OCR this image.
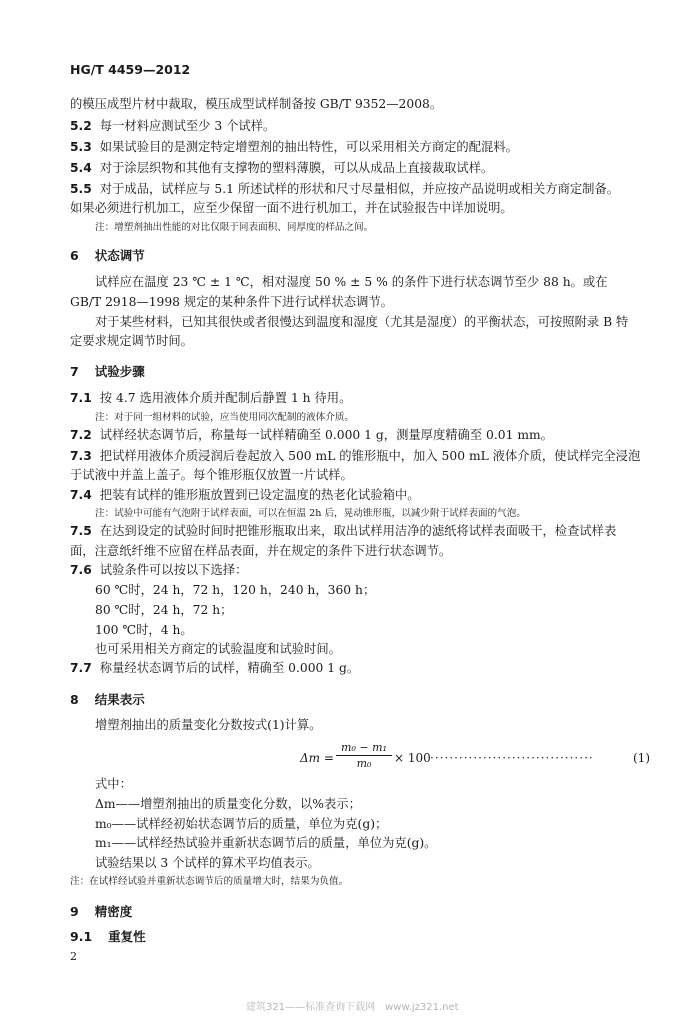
HG/T 4459—2012
的模压成型片材中裁取，模压成型试样制备按 GB/T 9352—2008。
5.2 每一材料应测试至少 3 个试样。
5.3 如果试验目的是测定特定增塑剂的抽出特性，可以采用相关方商定的配混料。
5.4 对于涂层织物和其他有支撑物的塑料薄膜，可以从成品上直接裁取试样。
5.5 对于成品，试样应与 5.1 所述试样的形状和尺寸尽量相似，并应按产品说明或相关方商定制备。
如果必须进行机加工，应至少保留一面不进行机加工，并在试验报告中详加说明。
注：增塑剂抽出性能的对比仅限于同表面积、同厚度的样品之间。
6 状态调节
试样应在温度 23 ℃ ± 1 ℃，相对湿度 50 % ± 5 % 的条件下进行状态调节至少 88 h。或在
GB/T 2918—1998 规定的某种条件下进行试样状态调节。
对于某些材料，已知其很快或者很慢达到温度和湿度（尤其是湿度）的平衡状态，可按照附录 B 特
定要求规定调节时间。
7 试验步骤
7.1 按 4.7 选用液体介质并配制后静置 1 h 待用。
注：对于同一组材料的试验，应当使用同次配制的液体介质。
7.2 试样经状态调节后，称量每一试样精确至 0.000 1 g，测量厚度精确至 0.01 mm。
7.3 把试样用液体介质浸润后卷起放入 500 mL 的锥形瓶中，加入 500 mL 液体介质，使试样完全浸泡
于试液中并盖上盖子。每个锥形瓶仅放置一片试样。
7.4 把装有试样的锥形瓶放置到已设定温度的热老化试验箱中。
注：试验中可能有气泡附于试样表面，可以在恒温 2h 后，晃动锥形瓶，以减少附于试样表面的气泡。
7.5 在达到设定的试验时间时把锥形瓶取出来，取出试样用洁净的滤纸将试样表面吸干，检查试样表
面，注意纸纤维不应留在样品表面，并在规定的条件下进行状态调节。
7.6 试验条件可以按以下选择：
60 ℃时，24 h，72 h，120 h，240 h，360 h；
80 ℃时，24 h，72 h；
100 ℃时，4 h。
也可采用相关方商定的试验温度和试验时间。
7.7 称量经状态调节后的试样，精确至 0.000 1 g。
8 结果表示
增塑剂抽出的质量变化分数按式(1)计算。
$\Delta m = \frac{\text{m₀ − m₁}}{\text{m₀}} \times 100$ ··································	(1)
式中：
Δm——增塑剂抽出的质量变化分数，以%表示；
m₀——试样经初始状态调节后的质量，单位为克(g)；
m₁——试样经热试验并重新状态调节后的质量，单位为克(g)。
试验结果以 3 个试样的算术平均值表示。
注：在试样经试验并重新状态调节后的质量增大时，结果为负值。
9 精密度
9.1 重复性
2
建筑321——标准查询下载网　www.jz321.net
